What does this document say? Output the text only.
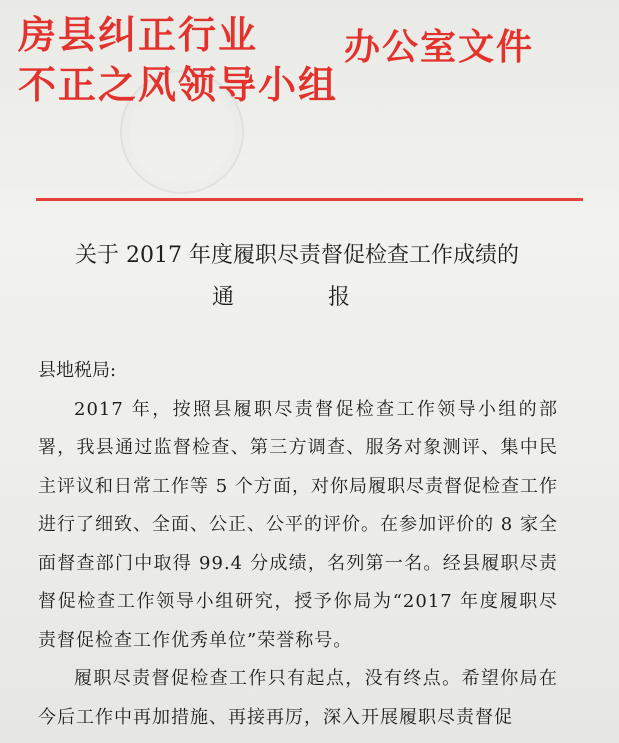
房县纠正行业
不正之风领导小组
办公室文件
关于 2017 年度履职尽责督促检查工作成绩的
通	报
县地税局:
2017 年，按照县履职尽责督促检查工作领导小组的部署，我县通过监督检查、第三方调查、服务对象测评、集中民主评议和日常工作等 5 个方面，对你局履职尽责督促检查工作进行了细致、全面、公正、公平的评价。在参加评价的 8 家全面督查部门中取得 99.4 分成绩，名列第一名。经县履职尽责督促检查工作领导小组研究，授予你局为“2017 年度履职尽责督促检查工作优秀单位”荣誉称号。
履职尽责督促检查工作只有起点，没有终点。希望你局在今后工作中再加措施、再接再厉，深入开展履职尽责督促
